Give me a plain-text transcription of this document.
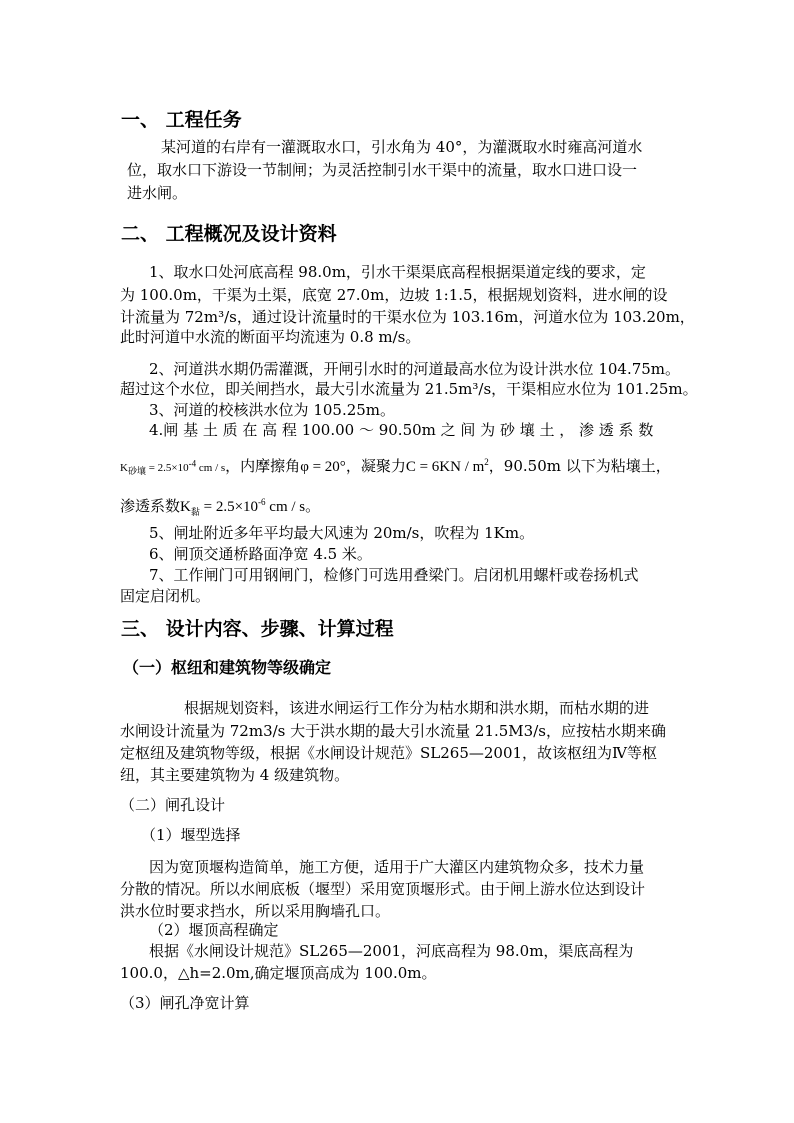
一、 工程任务
某河道的右岸有一灌溉取水口，引水角为 40°，为灌溉取水时雍高河道水
位，取水口下游设一节制闸；为灵活控制引水干渠中的流量，取水口进口设一
进水闸。
二、 工程概况及设计资料
1、取水口处河底高程 98.0m，引水干渠渠底高程根据渠道定线的要求，定
为 100.0m，干渠为土渠，底宽 27.0m，边坡 1:1.5，根据规划资料，进水闸的设
计流量为 72m³/s，通过设计流量时的干渠水位为 103.16m，河道水位为 103.20m，
此时河道中水流的断面平均流速为 0.8 m/s。
2、河道洪水期仍需灌溉，开闸引水时的河道最高水位为设计洪水位 104.75m。
超过这个水位，即关闸挡水，最大引水流量为 21.5m³/s，干渠相应水位为 101.25m。
3、河道的校核洪水位为 105.25m。
4.闸 基 土 质 在 高 程 100.00 ～ 90.50m 之 间 为 砂 壤 土 ， 渗 透 系 数
$K_{砂壤} = 2.5\times 10^{-4}$ cm / s，内摩擦角φ = 20°，凝聚力$C = 6KN / m^2$，90.50m 以下为粘壤土，
渗透系数$K_黏 = 2.5\times 10^{-6}$ cm / s。
5、闸址附近多年平均最大风速为 20m/s，吹程为 1Km。
6、闸顶交通桥路面净宽 4.5 米。
7、工作闸门可用钢闸门，检修门可选用叠梁门。启闭机用螺杆或卷扬机式
固定启闭机。
三、 设计内容、步骤、计算过程
（一）枢纽和建筑物等级确定
根据规划资料，该进水闸运行工作分为枯水期和洪水期，而枯水期的进
水闸设计流量为 72m3/s 大于洪水期的最大引水流量 21.5M3/s，应按枯水期来确
定枢纽及建筑物等级，根据《水闸设计规范》SL265—2001，故该枢纽为Ⅳ等枢
纽，其主要建筑物为 4 级建筑物。
（二）闸孔设计
（1）堰型选择
因为宽顶堰构造简单，施工方便，适用于广大灌区内建筑物众多，技术力量
分散的情况。所以水闸底板（堰型）采用宽顶堰形式。由于闸上游水位达到设计
洪水位时要求挡水，所以采用胸墙孔口。
（2）堰顶高程确定
根据《水闸设计规范》SL265—2001，河底高程为 98.0m，渠底高程为
100.0，△h=2.0m,确定堰顶高成为 100.0m。
（3）闸孔净宽计算
